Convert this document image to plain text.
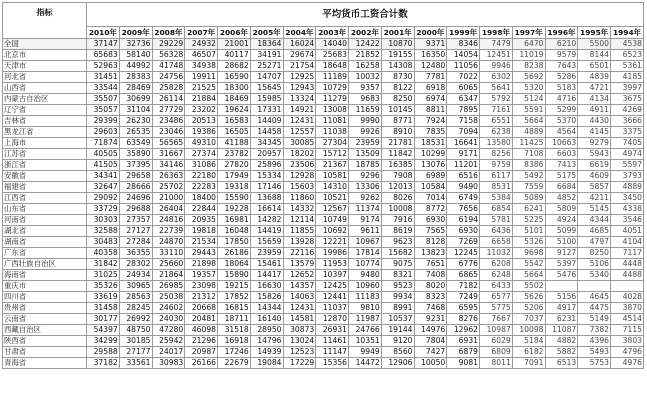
指标	平均货币工资合计数																
	2010年	2009年	2008年	2007年	2006年	2005年	2004年	2003年	2002年	2001年	2000年	1999年	1998年	1997年	1996年	1995年	1994年
全国	37147	32736	29229	24932	21001	18364	16024	14040	12422	10870	9371	8346	7479	6470	6210	5500	4538
北京市	65683	58140	56328	46507	40117	34191	29674	25683	21852	19155	16350	14054	12451	11019	9579	8144	6523
天津市	52963	44992	41748	34938	28682	25271	21754	18648	16258	14308	12480	11056	9946	8238	7643	6501	5361
河北省	31451	28383	24756	19911	16590	14707	12925	11189	10032	8730	7781	7022	6302	5692	5286	4839	4185
山西省	33544	28469	25828	21525	18300	15645	12943	10729	9357	8122	6918	6065	5641	5320	5183	4721	3997
内蒙古自治区	35507	30699	26114	21884	18469	15985	13324	11279	9683	8250	6974	6347	5792	5124	4716	4134	3675
辽宁省	35057	31104	27729	23202	19624	17331	14921	13008	11659	10145	8811	7895	7161	5591	5299	4911	4269
吉林省	29399	26230	23486	20513	16583	14409	12431	11081	9990	8771	7924	7158	6551	5664	5370	4430	3666
黑龙江省	29603	26535	23046	19386	16505	14458	12557	11038	9926	8910	7835	7094	6238	4889	4564	4145	3375
上海市	71874	63549	56565	49310	41188	34345	30085	27304	23959	21781	18531	16641	13580	11425	10663	9279	7405
江苏省	40505	35890	31667	27374	23782	20957	18202	15712	13509	11842	10299	9171	8256	7108	6603	5943	4974
浙江省	41505	37395	34146	31086	27820	25896	23506	21367	18785	16385	13076	11201	9759	8386	7413	6619	5597
安徽省	34341	29658	26363	22180	17949	15334	12928	10581	9296	7908	6989	6516	6117	5492	5175	4609	3793
福建省	32647	28666	25702	22283	19318	17146	15603	14310	13306	12013	10584	9490	8531	7559	6684	5857	4889
江西省	29092	24696	21000	18400	15590	13688	11860	10521	9262	8026	7014	6749	5384	5089	4852	4211	3450
山东省	33729	29688	26404	22844	19228	16614	14332	12567	11374	10008	8772	7656	6854	6241	5809	5145	4338
河南省	30303	27357	24816	20935	16981	14282	12114	10749	9174	7916	6930	6194	5781	5225	4924	4344	3546
湖北省	32588	27127	22739	19818	16048	14419	11855	10692	9611	8619	7565	6930	6436	5101	5099	4685	4051
湖南省	30483	27284	24870	21534	17850	15659	13928	12221	10967	9623	8128	7269	6658	5326	5100	4797	4104
广东省	40358	36355	33110	29443	26186	23959	22116	19986	17814	15682	13823	12245	11032	9698	9127	8250	7117
广西壮族自治区	31842	28302	25660	21898	18064	15461	13579	11953	10774	9075	7651	6776	6208	5542	5397	5106	4448
海南省	31025	24934	21864	19357	15890	14417	12652	10397	9480	8321	7408	6865	6248	5664	5476	5340	4488
重庆市	35326	30965	26985	23098	19215	16630	14357	12425	10960	9523	8020	7182	6433	5502			
四川省	33619	28563	25038	21312	17852	15826	14063	12441	11183	9934	8323	7249	6577	5626	5156	4645	4028
贵州省	31458	28245	24602	20668	16815	14344	12431	11037	9810	8991	7468	6595	5775	5206	4917	4475	3870
云南省	30177	26992	24030	20481	18711	16140	14581	12870	11987	10537	9231	8276	7667	7037	6231	5149	4514
西藏自治区	54397	48750	47280	46098	31518	28950	30873	26931	24766	19144	14976	12962	10987	10098	11087	7382	7115
陕西省	34299	30185	25942	21296	16918	14796	13024	11461	10351	9120	7804	6931	6029	5184	4882	4396	3803
甘肃省	29588	27177	24017	20987	17246	14939	12523	11147	9949	8560	7427	6879	6809	6182	5882	5493	4796
青海省	37182	33561	30983	26166	22679	19084	17229	15356	14472	12906	10050	9081	8011	7091	6513	5753	4976
